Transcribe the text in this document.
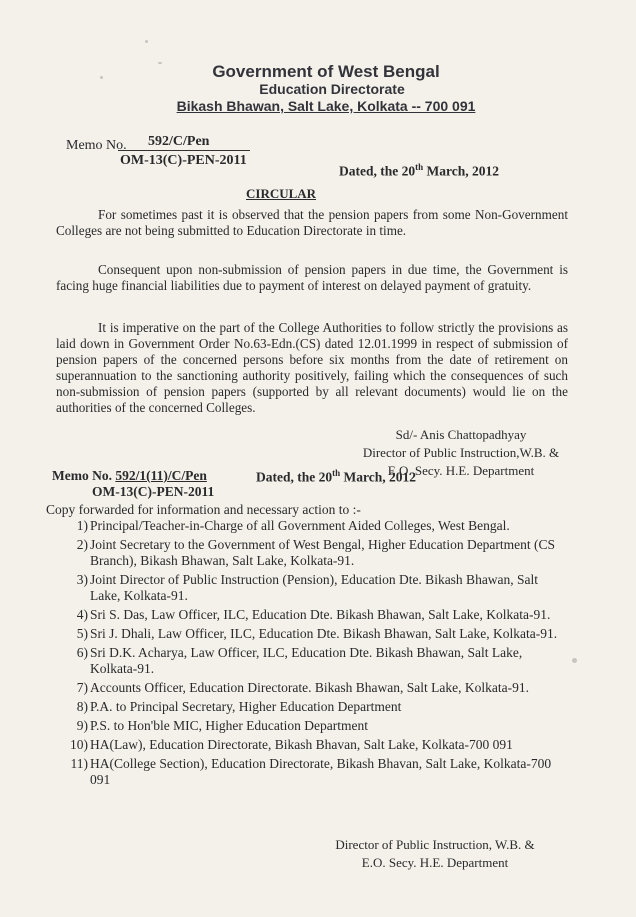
Government of West Bengal
Education Directorate
Bikash Bhawan, Salt Lake, Kolkata -- 700 091
Memo No. 592/C/Pen
OM-13(C)-PEN-2011
Dated, the 20th March, 2012
CIRCULAR
For sometimes past it is observed that the pension papers from some Non-Government Colleges are not being submitted to Education Directorate in time.
Consequent upon non-submission of pension papers in due time, the Government is facing huge financial liabilities due to payment of interest on delayed payment of gratuity.
It is imperative on the part of the College Authorities to follow strictly the provisions as laid down in Government Order No.63-Edn.(CS) dated 12.01.1999 in respect of submission of pension papers of the concerned persons before six months from the date of retirement on superannuation to the sanctioning authority positively, failing which the consequences of such non-submission of pension papers (supported by all relevant documents) would lie on the authorities of the concerned Colleges.
Sd/- Anis Chattopadhyay
Director of Public Instruction,W.B. &
E.O. Secy. H.E. Department
Memo No. 592/1(11)/C/Pen
OM-13(C)-PEN-2011
Dated, the 20th March, 2012
Copy forwarded for information and necessary action to :-
1) Principal/Teacher-in-Charge of all Government Aided Colleges, West Bengal.
2) Joint Secretary to the Government of West Bengal, Higher Education Department (CS Branch), Bikash Bhawan, Salt Lake, Kolkata-91.
3) Joint Director of Public Instruction (Pension), Education Dte. Bikash Bhawan, Salt Lake, Kolkata-91.
4) Sri S. Das, Law Officer, ILC, Education Dte. Bikash Bhawan, Salt Lake, Kolkata-91.
5) Sri J. Dhali, Law Officer, ILC, Education Dte. Bikash Bhawan, Salt Lake, Kolkata-91.
6) Sri D.K. Acharya, Law Officer, ILC, Education Dte. Bikash Bhawan, Salt Lake, Kolkata-91.
7) Accounts Officer, Education Directorate. Bikash Bhawan, Salt Lake, Kolkata-91.
8) P.A. to Principal Secretary, Higher Education Department
9) P.S. to Hon'ble MIC, Higher Education Department
10) HA(Law), Education Directorate, Bikash Bhavan, Salt Lake, Kolkata-700 091
11) HA(College Section), Education Directorate, Bikash Bhavan, Salt Lake, Kolkata-700 091
Director of Public Instruction, W.B. &
E.O. Secy. H.E. Department
